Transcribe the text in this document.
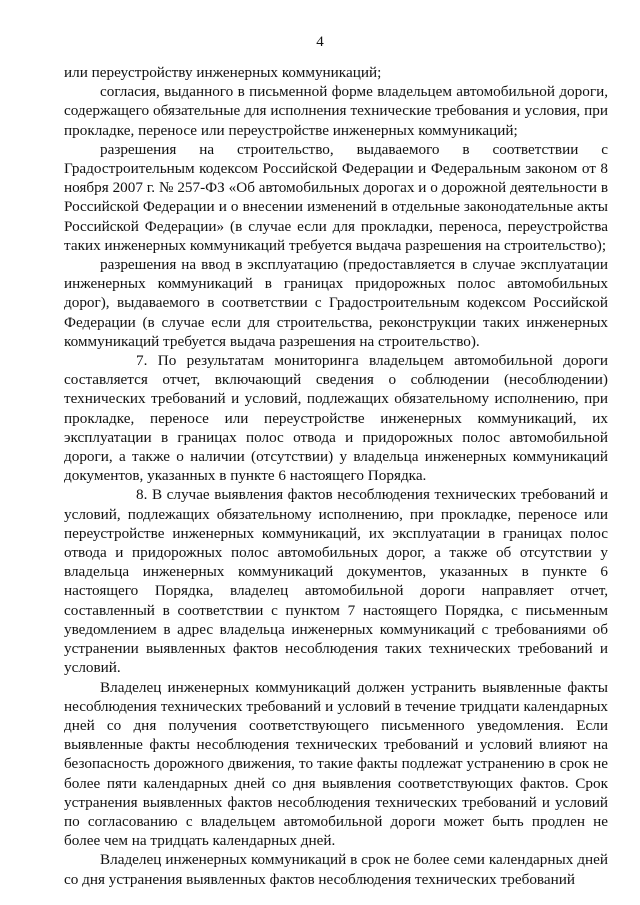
4

или переустройству инженерных коммуникаций;

согласия, выданного в письменной форме владельцем автомобильной дороги, содержащего обязательные для исполнения технические требования и условия, при прокладке, переносе или переустройстве инженерных коммуникаций;

разрешения на строительство, выдаваемого в соответствии с Градостроительным кодексом Российской Федерации и Федеральным законом от 8 ноября 2007 г. № 257-ФЗ «Об автомобильных дорогах и о дорожной деятельности в Российской Федерации и о внесении изменений в отдельные законодательные акты Российской Федерации» (в случае если для прокладки, переноса, переустройства таких инженерных коммуникаций требуется выдача разрешения на строительство);

разрешения на ввод в эксплуатацию (предоставляется в случае эксплуатации инженерных коммуникаций в границах придорожных полос автомобильных дорог), выдаваемого в соответствии с Градостроительным кодексом Российской Федерации (в случае если для строительства, реконструкции таких инженерных коммуникаций требуется выдача разрешения на строительство).

7. По результатам мониторинга владельцем автомобильной дороги составляется отчет, включающий сведения о соблюдении (несоблюдении) технических требований и условий, подлежащих обязательному исполнению, при прокладке, переносе или переустройстве инженерных коммуникаций, их эксплуатации в границах полос отвода и придорожных полос автомобильной дороги, а также о наличии (отсутствии) у владельца инженерных коммуникаций документов, указанных в пункте 6 настоящего Порядка.

8. В случае выявления фактов несоблюдения технических требований и условий, подлежащих обязательному исполнению, при прокладке, переносе или переустройстве инженерных коммуникаций, их эксплуатации в границах полос отвода и придорожных полос автомобильных дорог, а также об отсутствии у владельца инженерных коммуникаций документов, указанных в пункте 6 настоящего Порядка, владелец автомобильной дороги направляет отчет, составленный в соответствии с пунктом 7 настоящего Порядка, с письменным уведомлением в адрес владельца инженерных коммуникаций с требованиями об устранении выявленных фактов несоблюдения таких технических требований и условий.

Владелец инженерных коммуникаций должен устранить выявленные факты несоблюдения технических требований и условий в течение тридцати календарных дней со дня получения соответствующего письменного уведомления. Если выявленные факты несоблюдения технических требований и условий влияют на безопасность дорожного движения, то такие факты подлежат устранению в срок не более пяти календарных дней со дня выявления соответствующих фактов. Срок устранения выявленных фактов несоблюдения технических требований и условий по согласованию с владельцем автомобильной дороги может быть продлен не более чем на тридцать календарных дней.

Владелец инженерных коммуникаций в срок не более семи календарных дней со дня устранения выявленных фактов несоблюдения технических требований
